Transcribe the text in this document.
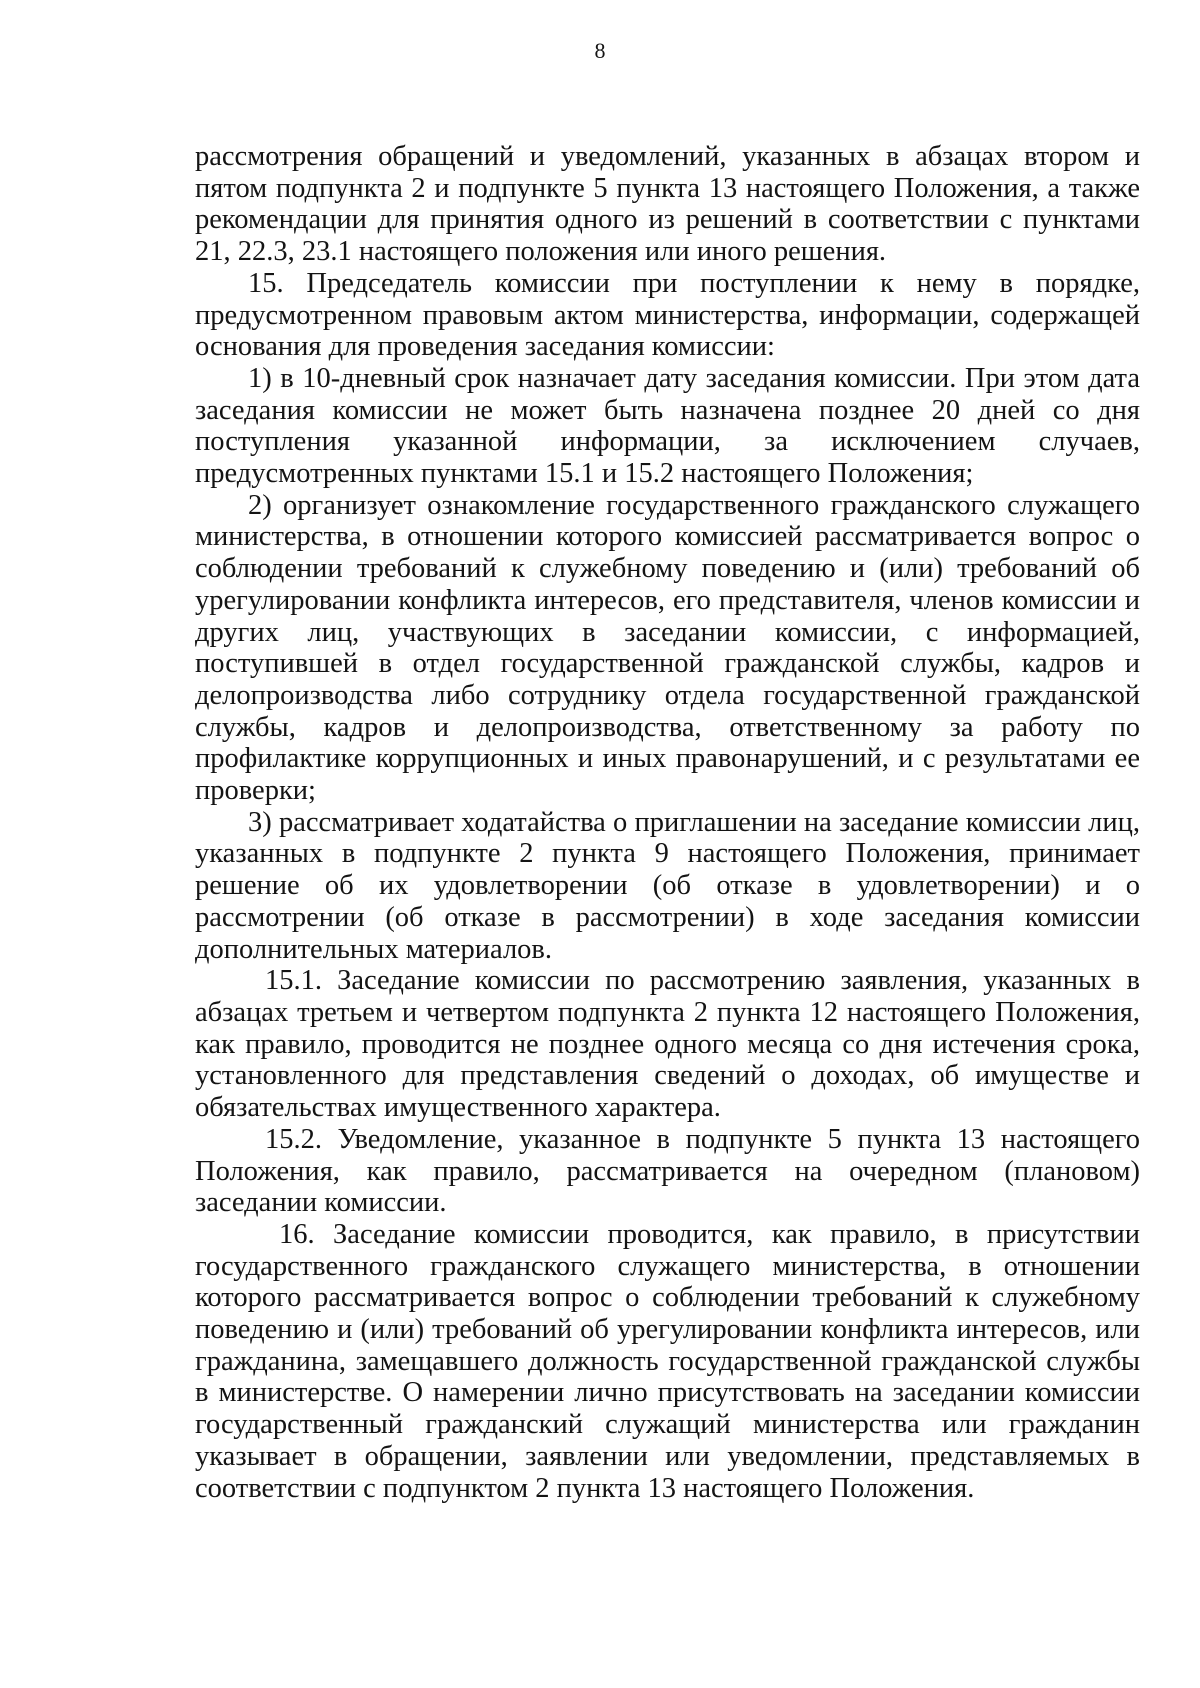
8

рассмотрения обращений и уведомлений, указанных в абзацах втором и пятом подпункта 2 и подпункте 5 пункта 13 настоящего Положения, а также рекомендации для принятия одного из решений в соответствии с пунктами 21, 22.3, 23.1 настоящего положения или иного решения.

15. Председатель комиссии при поступлении к нему в порядке, предусмотренном правовым актом министерства, информации, содержащей основания для проведения заседания комиссии:

1) в 10-дневный срок назначает дату заседания комиссии. При этом дата заседания комиссии не может быть назначена позднее 20 дней со дня поступления указанной информации, за исключением случаев, предусмотренных пунктами 15.1 и 15.2 настоящего Положения;

2) организует ознакомление государственного гражданского служащего министерства, в отношении которого комиссией рассматривается вопрос о соблюдении требований к служебному поведению и (или) требований об урегулировании конфликта интересов, его представителя, членов комиссии и других лиц, участвующих в заседании комиссии, с информацией, поступившей в отдел государственной гражданской службы, кадров и делопроизводства либо сотруднику отдела государственной гражданской службы, кадров и делопроизводства, ответственному за работу по профилактике коррупционных и иных правонарушений, и с результатами ее проверки;

3) рассматривает ходатайства о приглашении на заседание комиссии лиц, указанных в подпункте 2 пункта 9 настоящего Положения, принимает решение об их удовлетворении (об отказе в удовлетворении) и о рассмотрении (об отказе в рассмотрении) в ходе заседания комиссии дополнительных материалов.

15.1. Заседание комиссии по рассмотрению заявления, указанных в абзацах третьем и четвертом подпункта 2 пункта 12 настоящего Положения, как правило, проводится не позднее одного месяца со дня истечения срока, установленного для представления сведений о доходах, об имуществе и обязательствах имущественного характера.

15.2. Уведомление, указанное в подпункте 5 пункта 13 настоящего Положения, как правило, рассматривается на очередном (плановом) заседании комиссии.

16. Заседание комиссии проводится, как правило, в присутствии государственного гражданского служащего министерства, в отношении которого рассматривается вопрос о соблюдении требований к служебному поведению и (или) требований об урегулировании конфликта интересов, или гражданина, замещавшего должность государственной гражданской службы в министерстве. О намерении лично присутствовать на заседании комиссии государственный гражданский служащий министерства или гражданин указывает в обращении, заявлении или уведомлении, представляемых в соответствии с подпунктом 2 пункта 13 настоящего Положения.
